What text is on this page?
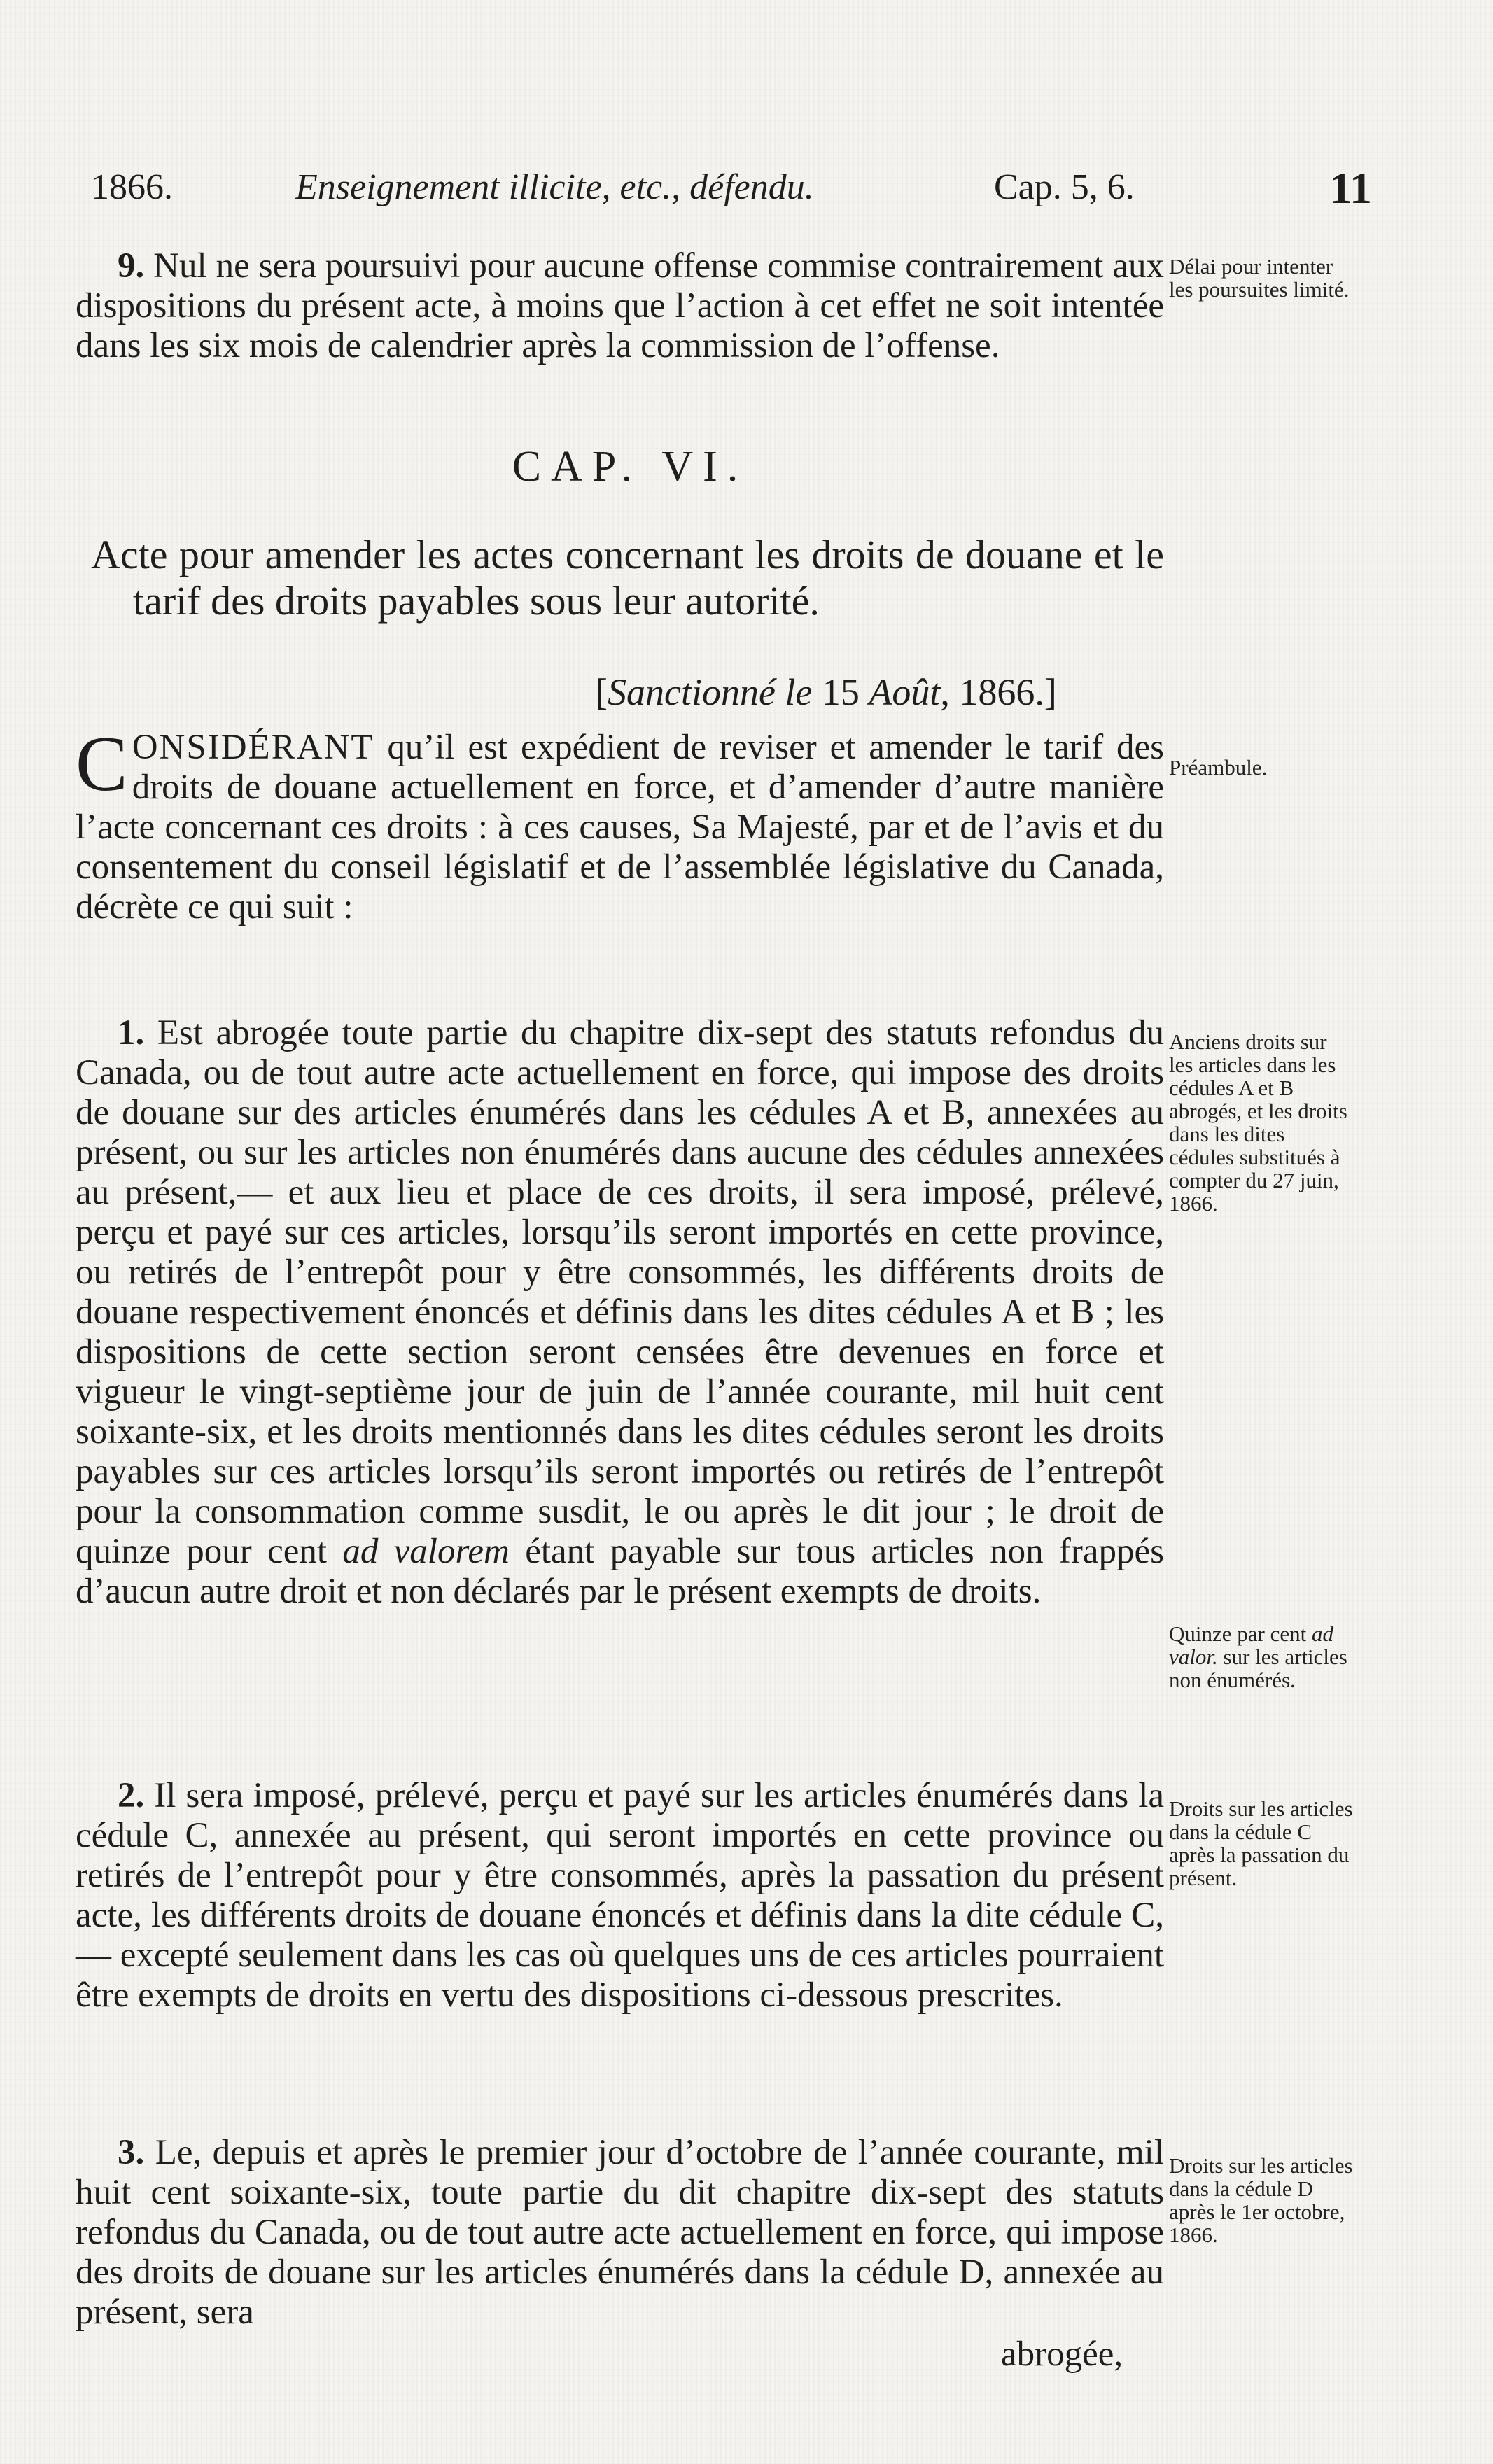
1866.	Enseignement illicite, etc., défendu.	Cap. 5, 6.	11

9. Nul ne sera poursuivi pour aucune offense commise contrairement aux dispositions du présent acte, à moins que l’action à cet effet ne soit intentée dans les six mois de calendrier après la commission de l’offense.

Délai pour intenter les poursuites limité.
CAP. VI.
Acte pour amender les actes concernant les droits de douane et le tarif des droits payables sous leur autorité.
[Sanctionné le 15 Août, 1866.]

CONSIDÉRANT qu’il est expédient de reviser et amender le tarif des droits de douane actuellement en force, et d’amender d’autre manière l’acte concernant ces droits : à ces causes, Sa Majesté, par et de l’avis et du consentement du conseil législatif et de l’assemblée législative du Canada, décrète ce qui suit :

Préambule.

1. Est abrogée toute partie du chapitre dix-sept des statuts refondus du Canada, ou de tout autre acte actuellement en force, qui impose des droits de douane sur des articles énumérés dans les cédules A et B, annexées au présent, ou sur les articles non énumérés dans aucune des cédules annexées au présent,— et aux lieu et place de ces droits, il sera imposé, prélevé, perçu et payé sur ces articles, lorsqu’ils seront importés en cette province, ou retirés de l’entrepôt pour y être consommés, les différents droits de douane respectivement énoncés et définis dans les dites cédules A et B ; les dispositions de cette section seront censées être devenues en force et vigueur le vingt-septième jour de juin de l’année courante, mil huit cent soixante-six, et les droits mentionnés dans les dites cédules seront les droits payables sur ces articles lorsqu’ils seront importés ou retirés de l’entrepôt pour la consommation comme susdit, le ou après le dit jour ; le droit de quinze pour cent ad valorem étant payable sur tous articles non frappés d’aucun autre droit et non déclarés par le présent exempts de droits.

Anciens droits sur les articles dans les cédules A et B abrogés, et les droits dans les dites cédules substitués à compter du 27 juin, 1866.
Quinze par cent ad valor. sur les articles non énumérés.

2. Il sera imposé, prélevé, perçu et payé sur les articles énumérés dans la cédule C, annexée au présent, qui seront importés en cette province ou retirés de l’entrepôt pour y être consommés, après la passation du présent acte, les différents droits de douane énoncés et définis dans la dite cédule C,— excepté seulement dans les cas où quelques uns de ces articles pourraient être exempts de droits en vertu des dispositions ci-dessous prescrites.

Droits sur les articles dans la cédule C après la passation du présent.

3. Le, depuis et après le premier jour d’octobre de l’année courante, mil huit cent soixante-six, toute partie du dit chapitre dix-sept des statuts refondus du Canada, ou de tout autre acte actuellement en force, qui impose des droits de douane sur les articles énumérés dans la cédule D, annexée au présent, sera

abrogée,
Droits sur les articles dans la cédule D après le 1er octobre, 1866.
